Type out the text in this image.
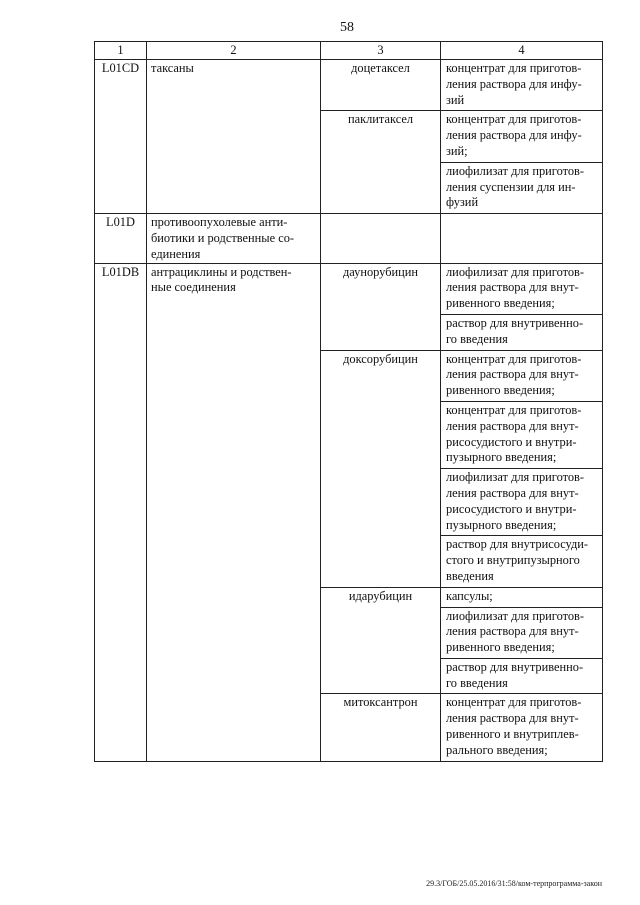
58
1	2	3	4
L01CD	таксаны	доцетаксел	концентрат для приготов-
ления раствора для инфу-
зий
		паклитаксел	концентрат для приготов-
ления раствора для инфу-
зий;
			лиофилизат для приготов-
ления суспензии для ин-
фузий
L01D	противоопухолевые анти-
биотики и родственные со-
единения		
L01DB	антрациклины и родствен-
ные соединения	даунорубицин	лиофилизат для приготов-
ления раствора для внут-
ривенного введения;
			раствор для внутривенно-
го введения
		доксорубицин	концентрат для приготов-
ления раствора для внут-
ривенного введения;
			концентрат для приготов-
ления раствора для внут-
рисосудистого и внутри-
пузырного введения;
			лиофилизат для приготов-
ления раствора для внут-
рисосудистого и внутри-
пузырного введения;
			раствор для внутрисосуди-
стого и внутрипузырного
введения
		идарубицин	капсулы;
			лиофилизат для приготов-
ления раствора для внут-
ривенного введения;
			раствор для внутривенно-
го введения
		митоксантрон	концентрат для приготов-
ления раствора для внут-
ривенного и внутриплев-
рального введения;
29.3/ГОБ/25.05.2016/31:58/ком-терпрограмма-закон
